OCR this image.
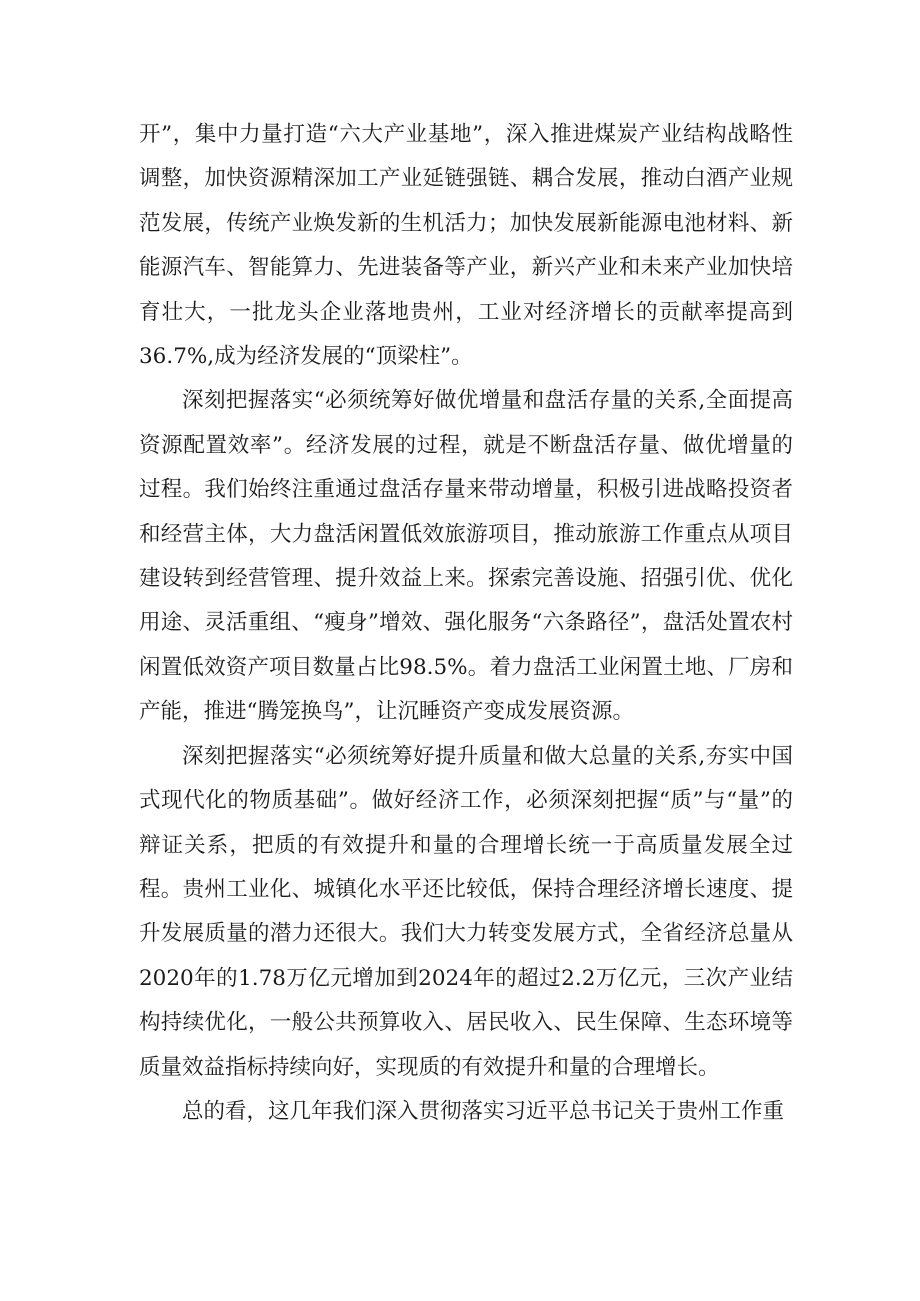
开”，集中力量打造“六大产业基地”，深入推进煤炭产业结构战略性调整，加快资源精深加工产业延链强链、耦合发展，推动白酒产业规范发展，传统产业焕发新的生机活力；加快发展新能源电池材料、新能源汽车、智能算力、先进装备等产业，新兴产业和未来产业加快培育壮大，一批龙头企业落地贵州，工业对经济增长的贡献率提高到36.7%,成为经济发展的“顶梁柱”。

深刻把握落实“必须统筹好做优增量和盘活存量的关系,全面提高资源配置效率”。经济发展的过程，就是不断盘活存量、做优增量的过程。我们始终注重通过盘活存量来带动增量，积极引进战略投资者和经营主体，大力盘活闲置低效旅游项目，推动旅游工作重点从项目建设转到经营管理、提升效益上来。探索完善设施、招强引优、优化用途、灵活重组、“瘦身”增效、强化服务“六条路径”，盘活处置农村闲置低效资产项目数量占比98.5%。着力盘活工业闲置土地、厂房和产能，推进“腾笼换鸟”，让沉睡资产变成发展资源。

深刻把握落实“必须统筹好提升质量和做大总量的关系,夯实中国式现代化的物质基础”。做好经济工作，必须深刻把握“质”与“量”的辩证关系，把质的有效提升和量的合理增长统一于高质量发展全过程。贵州工业化、城镇化水平还比较低，保持合理经济增长速度、提升发展质量的潜力还很大。我们大力转变发展方式，全省经济总量从2020年的1.78万亿元增加到2024年的超过2.2万亿元，三次产业结构持续优化，一般公共预算收入、居民收入、民生保障、生态环境等质量效益指标持续向好，实现质的有效提升和量的合理增长。

总的看，这几年我们深入贯彻落实习近平总书记关于贵州工作重
